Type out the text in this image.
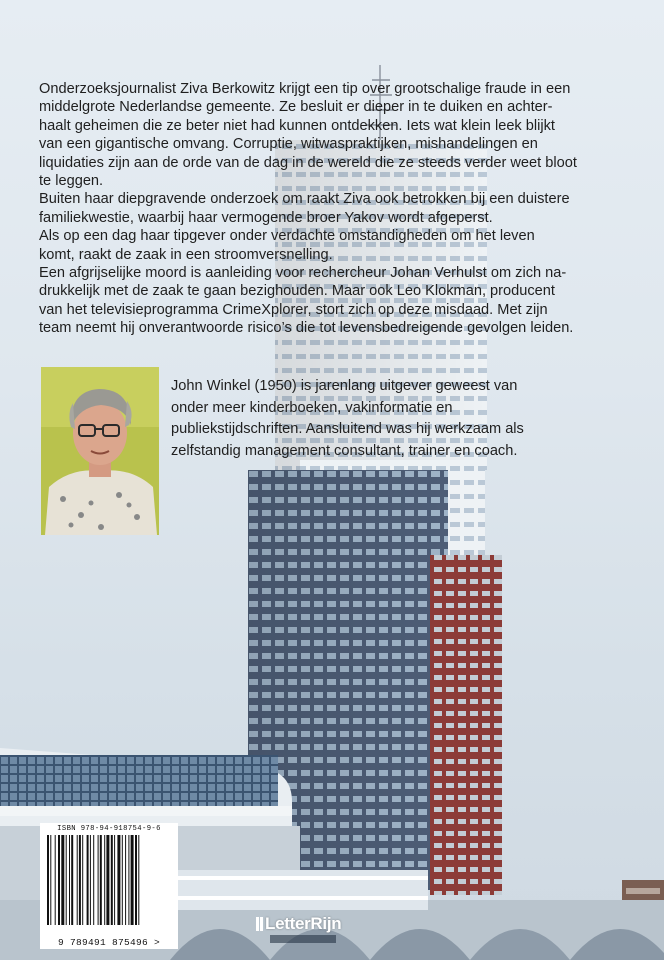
Onderzoeksjournalist Ziva Berkowitz krijgt een tip over grootschalige fraude in een

middelgrote Nederlandse gemeente. Ze besluit er dieper in te duiken en achter-

haalt geheimen die ze beter niet had kunnen ontdekken. Iets wat klein leek blijkt

van een gigantische omvang. Corruptie, witwaspraktijken, mishandelingen en

liquidaties zijn aan de orde van de dag in de wereld die ze steeds verder weet bloot

te leggen.

Buiten haar diepgravende onderzoek om raakt Ziva ook betrokken bij een duistere

familiekwestie, waarbij haar vermogende broer Yakov wordt afgeperst.

Als op een dag haar tipgever onder verdachte omstandigheden om het leven

komt, raakt de zaak in een stroomversnelling.

Een afgrijselijke moord is aanleiding voor rechercheur Johan Verhulst om zich na-

drukkelijk met de zaak te gaan bezighouden. Maar ook Leo Klokman, producent

van het televisieprogramma CrimeXplorer, stort zich op deze misdaad. Met zijn

team neemt hij onverantwoorde risico’s die tot levensbedreigende gevolgen leiden.

John Winkel (1950) is jarenlang uitgever geweest van
onder meer kinderboeken, vakinformatie en
publiekstijdschriften. Aansluitend was hij werkzaam als
zelfstandig management consultant, trainer en coach.
ISBN 978-94-918754-9-6
9 789491 875496 >
LetterRijn
